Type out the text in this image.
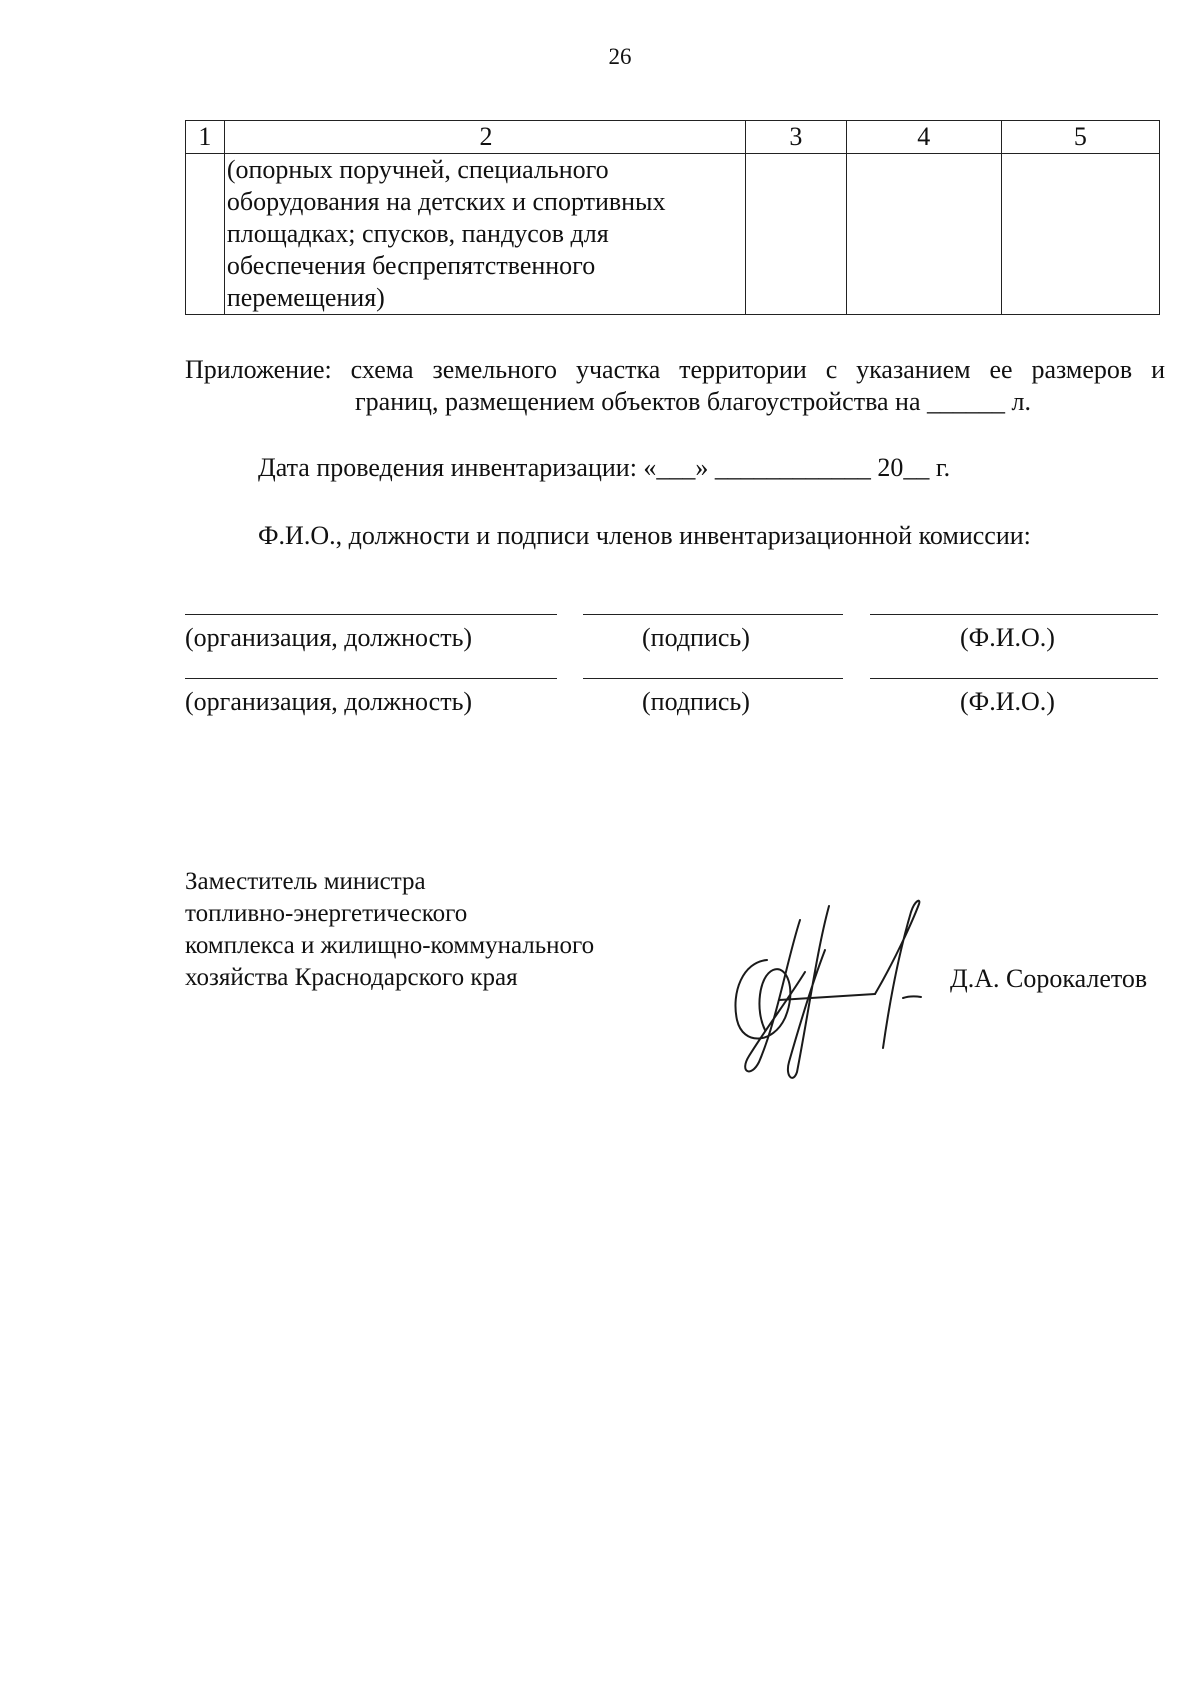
26
1	2	3	4	5

	(опорных поручней, специального
оборудования на детских и спортивных
площадках; спусков, пандусов для
обеспечения беспрепятственного
перемещения)			

Приложение: схема земельного участка территории с указанием ее размеров и
границ, размещением объектов благоустройства на ______ л.
Дата проведения инвентаризации: «___» ____________ 20__ г.
Ф.И.О., должности и подписи членов инвентаризационной комиссии:
(организация, должность)	(подпись)	(Ф.И.О.)
(организация, должность)	(подпись)	(Ф.И.О.)
Заместитель министра
топливно-энергетического
комплекса и жилищно-коммунального
хозяйства Краснодарского края	Д.А. Сорокалетов
